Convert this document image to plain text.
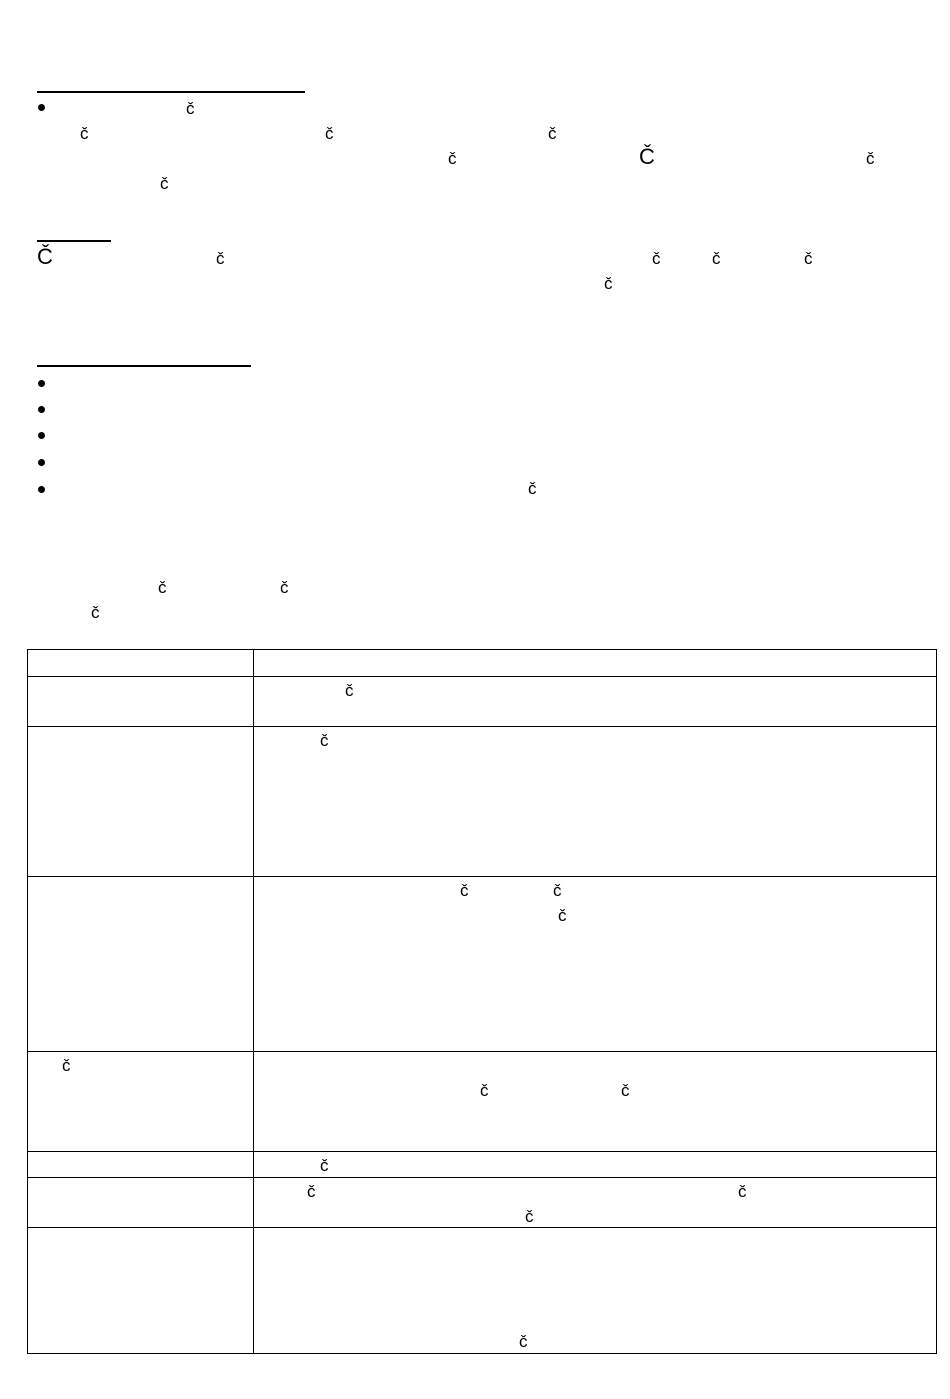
č
č	č	č
č	Č	č
č
Č	č	č	č	č
č
č
č	č
č

	č

	č

	č č
č

č	č č

	č

	č č
č

	č
